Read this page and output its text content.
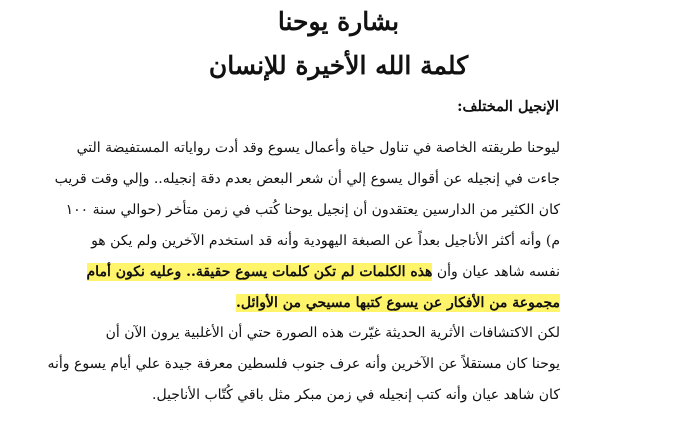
بشارة يوحنا
كلمة الله الأخيرة للإنسان
الإنجيل المختلف:
ليوحنا طريقته الخاصة في تناول حياة وأعمال يسوع وقد أدت رواياته المستفيضة التي
جاءت في إنجيله عن أقوال يسوع إلي أن شعر البعض بعدم دقة إنجيله.. وإلي وقت قريب
كان الكثير من الدارسين يعتقدون أن إنجيل يوحنا كُتب في زمن متأخر (حوالي سنة ١٠٠
م) وأنه أكثر الأناجيل بعداً عن الصبغة اليهودية وأنه قد استخدم الآخرين ولم يكن هو
نفسه شاهد عيان وأن هذه الكلمات لم تكن كلمات يسوع حقيقة.. وعليه نكون أمام
مجموعة من الأفكار عن يسوع كتبها مسيحي من الأوائل.
لكن الاكتشافات الأثرية الحديثة غيّرت هذه الصورة حتي أن الأغلبية يرون الآن أن
يوحنا كان مستقلاً عن الآخرين وأنه عرف جنوب فلسطين معرفة جيدة علي أيام يسوع وأنه
كان شاهد عيان وأنه كتب إنجيله في زمن مبكر مثل باقي كُتّاب الأناجيل.
